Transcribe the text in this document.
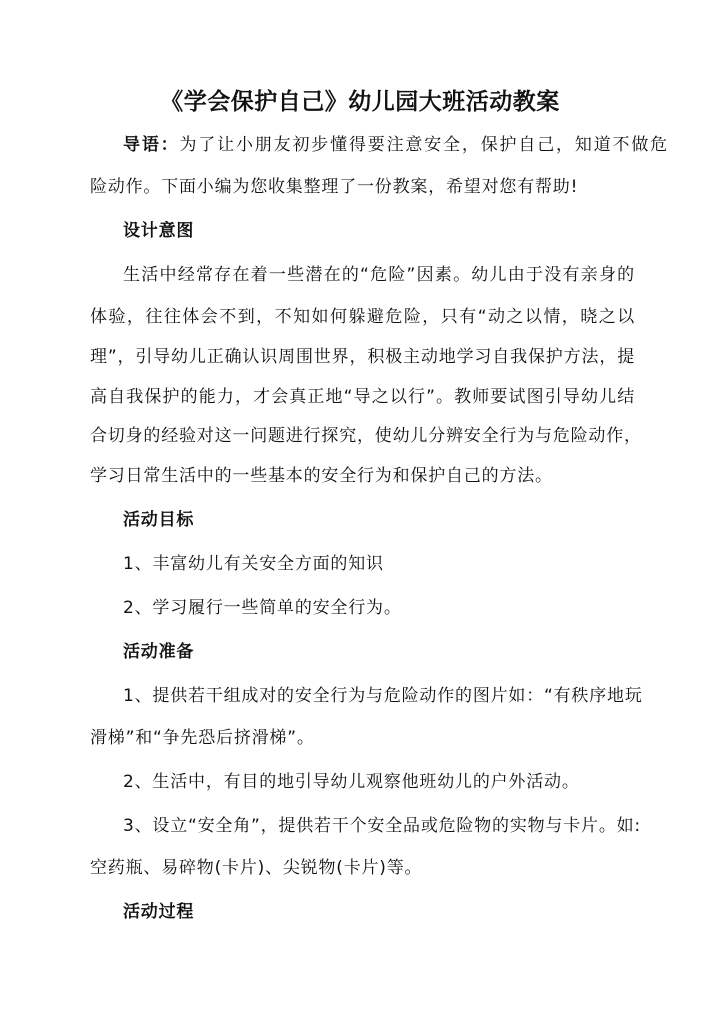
《学会保护自己》幼儿园大班活动教案
导语：为了让小朋友初步懂得要注意安全，保护自己，知道不做危
险动作。下面小编为您收集整理了一份教案，希望对您有帮助!
设计意图
生活中经常存在着一些潜在的“危险”因素。幼儿由于没有亲身的
体验，往往体会不到，不知如何躲避危险，只有“动之以情，晓之以
理”，引导幼儿正确认识周围世界，积极主动地学习自我保护方法，提
高自我保护的能力，才会真正地“导之以行”。教师要试图引导幼儿结
合切身的经验对这一问题进行探究，使幼儿分辨安全行为与危险动作，
学习日常生活中的一些基本的安全行为和保护自己的方法。
活动目标
1、丰富幼儿有关安全方面的知识
2、学习履行一些简单的安全行为。
活动准备
1、提供若干组成对的安全行为与危险动作的图片如：“有秩序地玩
滑梯”和“争先恐后挤滑梯”。
2、生活中，有目的地引导幼儿观察他班幼儿的户外活动。
3、设立“安全角”，提供若干个安全品或危险物的实物与卡片。如:
空药瓶、易碎物(卡片)、尖锐物(卡片)等。
活动过程
